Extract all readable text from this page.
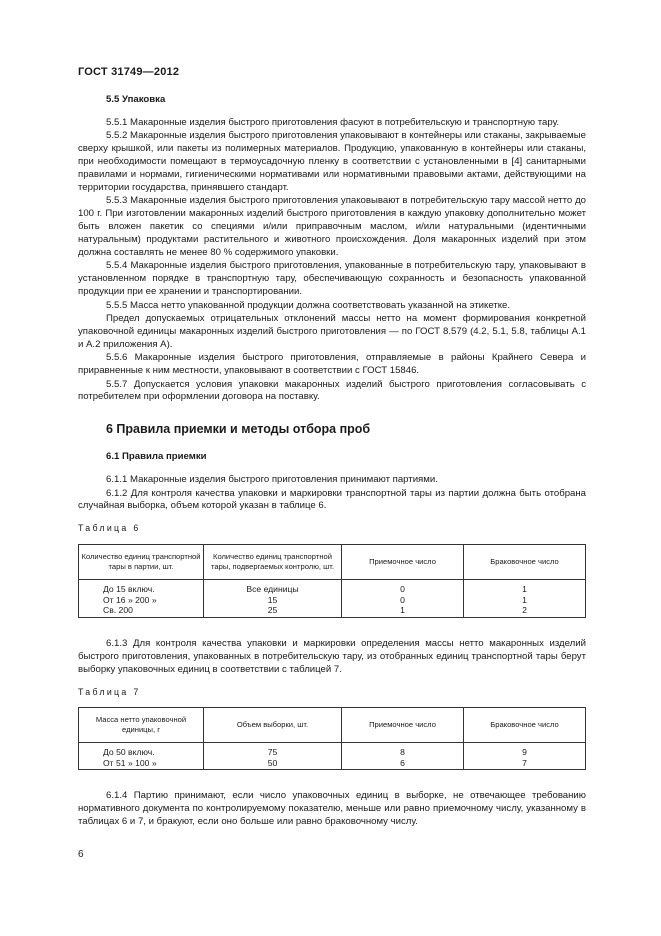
ГОСТ 31749—2012
5.5 Упаковка

5.5.1 Макаронные изделия быстрого приготовления фасуют в потребительскую и транспортную тару.

5.5.2 Макаронные изделия быстрого приготовления упаковывают в контейнеры или стаканы, закрываемые сверху крышкой, или пакеты из полимерных материалов. Продукцию, упакованную в контейнеры или стаканы, при необходимости помещают в термоусадочную пленку в соответствии с установленными в [4] санитарными правилами и нормами, гигиеническими нормативами или нормативными правовыми актами, действующими на территории государства, принявшего стандарт.

5.5.3 Макаронные изделия быстрого приготовления упаковывают в потребительскую тару массой нетто до 100 г. При изготовлении макаронных изделий быстрого приготовления в каждую упаковку дополнительно может быть вложен пакетик со специями и/или приправочным маслом, и/или натуральными (идентичными натуральным) продуктами растительного и животного происхождения. Доля макаронных изделий при этом должна составлять не менее 80 % содержимого упаковки.

5.5.4 Макаронные изделия быстрого приготовления, упакованные в потребительскую тару, упаковывают в установленном порядке в транспортную тару, обеспечивающую сохранность и безопасность упакованной продукции при ее хранении и транспортировании.

5.5.5 Масса нетто упакованной продукции должна соответствовать указанной на этикетке.

Предел допускаемых отрицательных отклонений массы нетто на момент формирования конкретной упаковочной единицы макаронных изделий быстрого приготовления — по ГОСТ 8.579 (4.2, 5.1, 5.8, таблицы А.1 и А.2 приложения А).

5.5.6 Макаронные изделия быстрого приготовления, отправляемые в районы Крайнего Севера и приравненные к ним местности, упаковывают в соответствии с ГОСТ 15846.

5.5.7 Допускается условия упаковки макаронных изделий быстрого приготовления согласовывать с потребителем при оформлении договора на поставку.

6 Правила приемки и методы отбора проб
6.1 Правила приемки

6.1.1 Макаронные изделия быстрого приготовления принимают партиями.

6.1.2 Для контроля качества упаковки и маркировки транспортной тары из партии должна быть отобрана случайная выборка, объем которой указан в таблице 6.

Таблица 6
Количество единиц транспортной тары в партии, шт.	Количество единиц транспортной тары, подвергаемых контролю, шт.	Приемочное число	Браковочное число
До 15 включ.	Все единицы	0	1
От 16 » 200 »	15	0	1
Св. 200	25	1	2

6.1.3 Для контроля качества упаковки и маркировки определения массы нетто макаронных изделий быстрого приготовления, упакованных в потребительскую тару, из отобранных единиц транспортной тары берут выборку упаковочных единиц в соответствии с таблицей 7.

Таблица 7
Масса нетто упаковочной единицы, г	Объем выборки, шт.	Приемочное число	Браковочное число
До 50 включ.	75	8	9
От 51 » 100 »	50	6	7

6.1.4 Партию принимают, если число упаковочных единиц в выборке, не отвечающее требованию нормативного документа по контролируемому показателю, меньше или равно приемочному числу, указанному в таблицах 6 и 7, и бракуют, если оно больше или равно браковочному числу.

6
